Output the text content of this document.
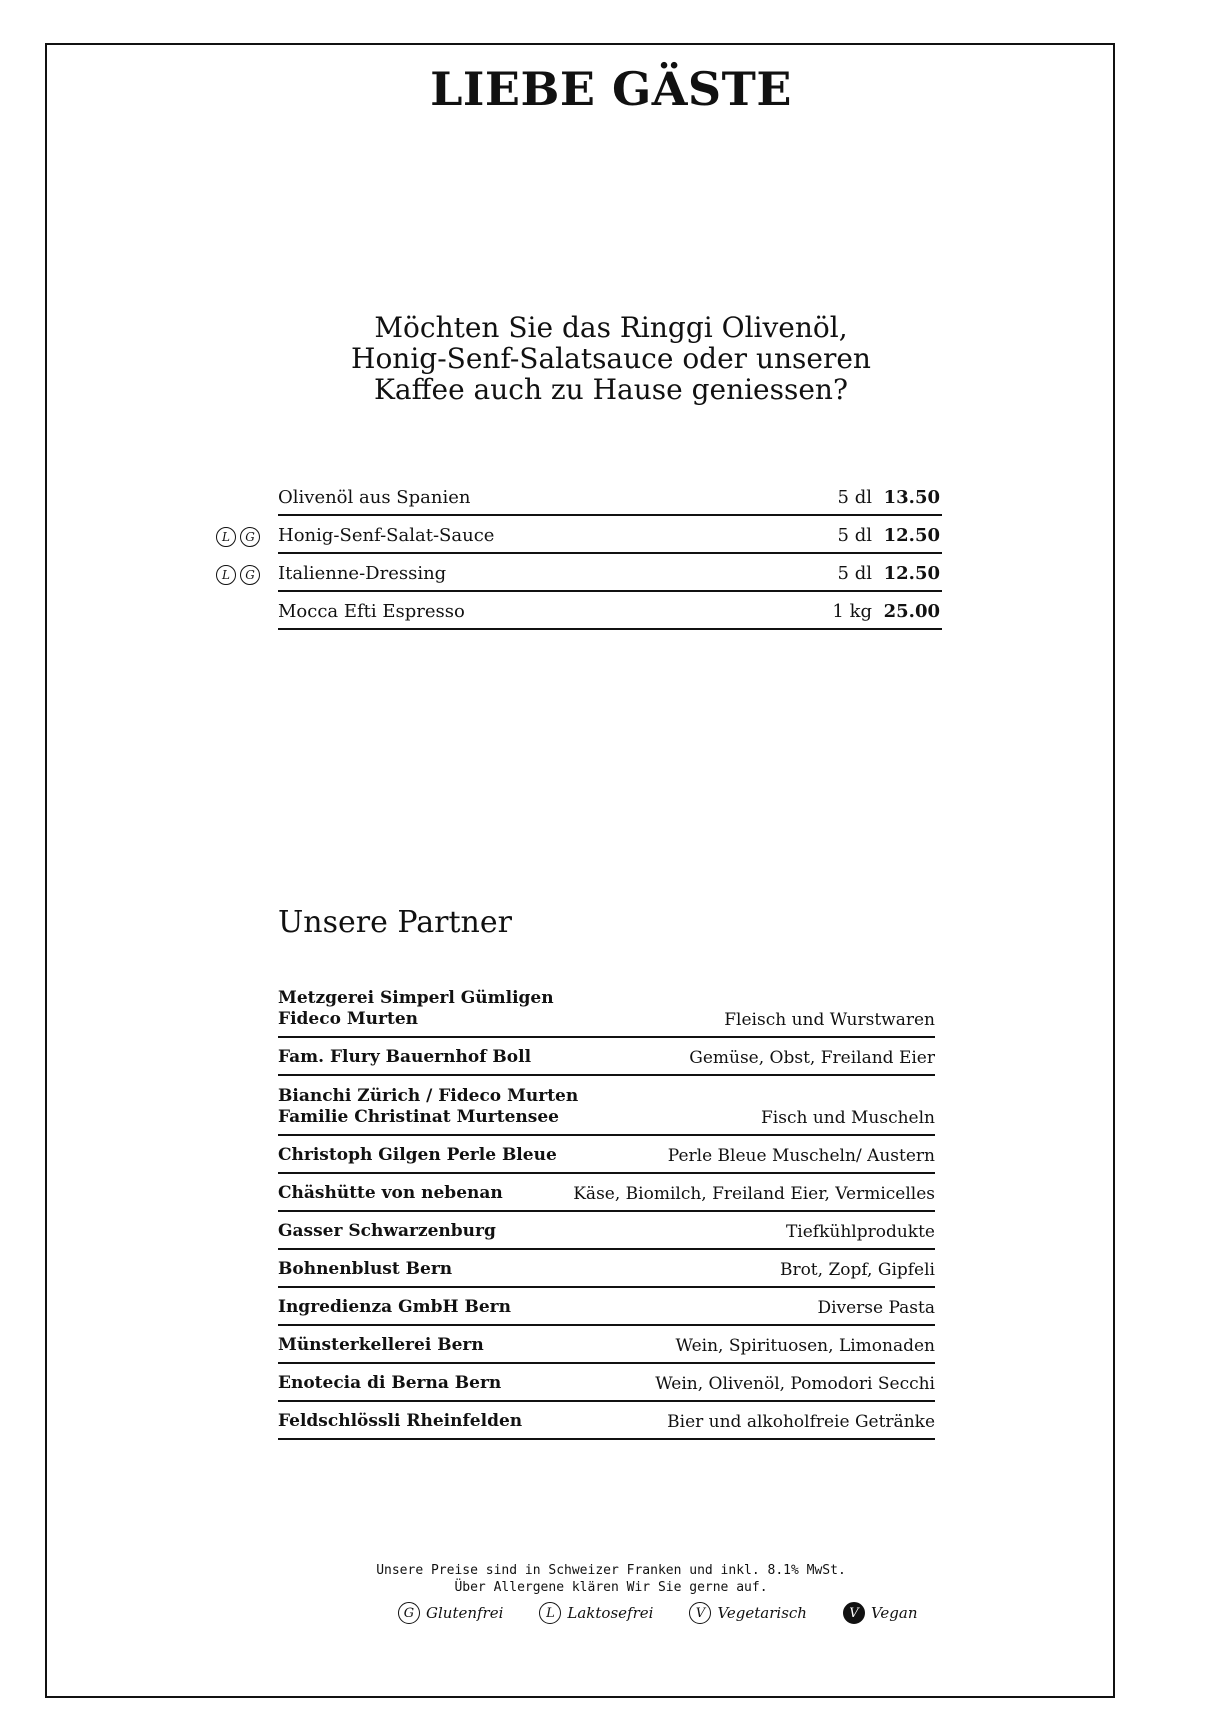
LIEBE GÄSTE
Möchten Sie das Ringgi Olivenöl,
Honig-Senf-Salatsauce oder unseren
Kaffee auch zu Hause geniessen?
Olivenöl aus Spanien	5 dl 13.50
L	G Honig-Senf-Salat-Sauce	5 dl 12.50
L	G Italienne-Dressing	5 dl 12.50
Mocca Efti Espresso	1 kg 25.00
Unsere Partner
Metzgerei Simperl Gümligen
Fideco Murten	Fleisch und Wurstwaren
Fam. Flury Bauernhof Boll	Gemüse, Obst, Freiland Eier
Bianchi Zürich / Fideco Murten
Familie Christinat Murtensee	Fisch und Muscheln
Christoph Gilgen Perle Bleue	Perle Bleue Muscheln/ Austern
Chäshütte von nebenan	Käse, Biomilch, Freiland Eier, Vermicelles
Gasser Schwarzenburg	Tiefkühlprodukte
Bohnenblust Bern	Brot, Zopf, Gipfeli
Ingredienza GmbH Bern	Diverse Pasta
Münsterkellerei Bern	Wein, Spirituosen, Limonaden
Enotecia di Berna Bern	Wein, Olivenöl, Pomodori Secchi
Feldschlössli Rheinfelden	Bier und alkoholfreie Getränke
Unsere Preise sind in Schweizer Franken und inkl. 8.1% MwSt.
Über Allergene klären Wir Sie gerne auf.
G Glutenfrei	L Laktosefrei	V Vegetarisch	V Vegan
